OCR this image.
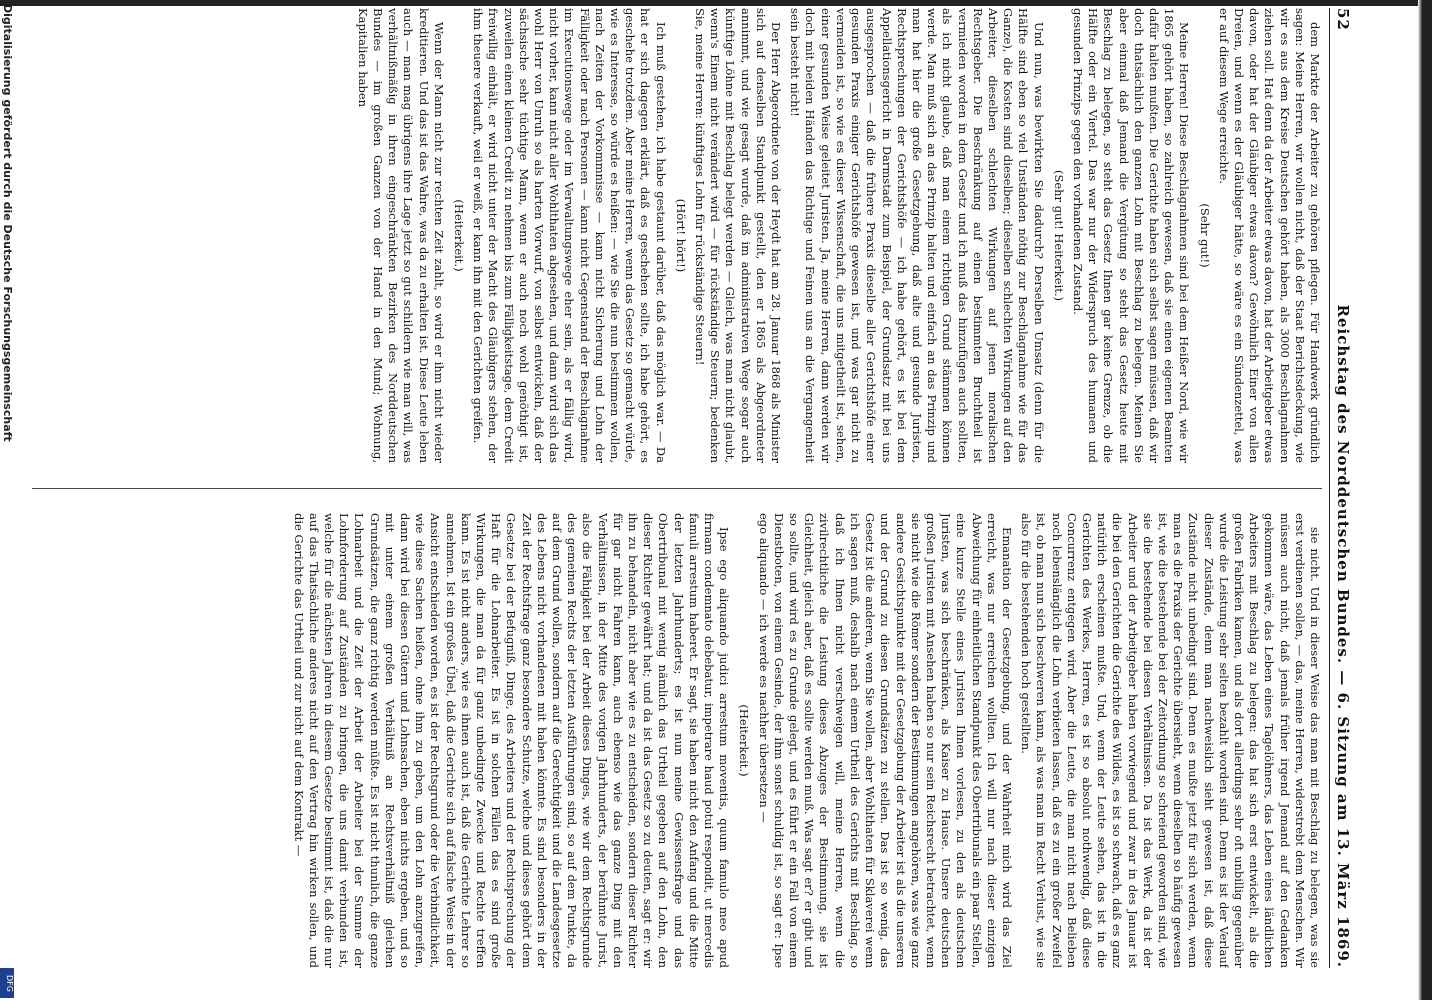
52
Reichstag des Norddeutschen Bundes. — 6. Sitzung am 13. März 1869.

dem Markte der Arbeiter zu gehören pflegen. Für Handwerk gründlich sagen: Meine Herren, wir wollen nicht, daß der Staat Berichtsdeckung, wie wir es aus dem Kreise Deutschen gehört haben, als 3000 Beschlagnahmen ziehen soll. Hat denn da der Arbeiter etwas davon, hat der Arbeitgeber etwas davon, oder hat der Gläubiger etwas davon? Gewöhnlich Einer von allen Dreien, und wenn es der Gläubiger hätte, so wäre es ein Sündenzettel, was er auf diesem Wege erreichte.

(Sehr gut!)

Meine Herren! Diese Beschlagnahmen sind bei dem Heißer Nord, wie wir 1865 gehört haben, so zahlreich gewesen, daß sie einen eigenen Beamten dafür halten mußten. Die Gerichte haben sich selbst sagen müssen, daß wir doch thatsächlich den ganzen Lohn mit Beschlag zu belegen. Meinen Sie aber einmal daß Jemand die Vergütung so steht das Gesetz heute mit Beschlag zu belegen, so steht das Gesetz Ihnen gar keine Grenze, ob die Hälfte oder ein Viertel. Das war nur der Widerspruch des humanen und gesunden Prinzips gegen den vorhandenen Zustand.

(Sehr gut! Heiterkeit.)

Und nun, was bewirkten Sie dadurch? Derselben Umsatz (denn für die Hälfte sind eben so viel Unständen nöthig zur Beschlagnahme wie für das Ganze), die Kosten sind dieselben; dieselben schlechten Wirkungen auf den Arbeiter, dieselben schlechten Wirkungen auf jenen moralischen Rechtsgeber. Die Beschränkung auf einen bestimmten Bruchtheil ist vermieden worden in dem Gesetz und ich muß das hinzufügen auch sollten, als ich nicht glaube, daß man einem richtigen Grund stämmen können werde. Man muß sich an das Prinzip halten und einfach an das Prinzip und man hat hier die große Gesetzgebung, daß alte und gesunde Juristen, Rechtsprechungen der Gerichtshöfe — ich habe gehört, es ist bei dem Appellationsgericht in Darmstadt zum Beispiel, der Grundsatz mit bei uns ausgesprochen — daß die frühere Praxis dieselbe aller Gerichtshöfe einer gesunden Praxis einiger Gerichtshöfe gewesen ist, und was gar nicht zu vermeiden ist, so wie es dieser Wissenschaft, die uns mitgetheilt ist, sehen, einer gesunden Weise geleitet Juristen. Ja, meine Herren, dann werden wir doch mit beiden Händen das Richtige und Feinen uns an die Vergangenheit sein besteht nicht!

Der Herr Abgeordnete von der Heydt hat am 28. Januar 1868 als Minister sich auf denselben Standpunkt gestellt, den er 1865 als Abgeordneter annimmt, und wie gesagt wurde, daß im administrativen Wege sogar auch künftige Löhne mit Beschlag belegt werden — Gleich, was man nicht glaubt, wenn's Einem nicht verändert wird — für rückständige Steuern; bedenken Sie, meine Herren: künftiges Lohn für rückständige Steuern!

(Hört! hört!)

Ich muß gestehen, ich habe gestaunt darüber, daß das möglich war. — Da hat er sich dagegen erklärt, daß es geschehen sollte, ich habe gehört, es geschehe trotzdem. Aber meine Herren, wenn das Gesetz so gemacht würde, wie es Interesse, so würde es heißen: — wie Sie die nun bestimmen wollen, nach Zeiten der Vorkommnisse — kann nicht Sicherung und Lohn der Fälligkeit oder nach Personen — kann nicht Gegenstand der Beschlagnahme im Executionswege oder im Verwaltungswege eher sein, als er fällig wird, nicht vorher, kann nicht aller Wohlthaten abgesehen, und dann wird sich das wohl Herr von Unruh so als harten Vorwurf, von selbst entwickeln, daß der sächsische sehr tüchtige Mann, wenn er auch noch wohl genöthigt ist, zuweilen einen kleinen Credit zu nehmen bis zum Fälligkeitstage, dem Credit freiwillig einhält, er wird nicht unter der Macht des Gläubigers stehen, der ihm theuere verkauft, weil er weiß, er kann ihn mit den Gerichten greifen.

(Heiterkeit.)

Wenn der Mann nicht zur rechten Zeit zahlt, so wird er ihm nicht wieder kreditieren. Und das ist das Wahre, was da zu erhalten ist. Diese Leute leben auch — man mag übrigens ihre Lage jetzt so gut schildern wie man will, was verhältnißmäßig in ihren eingeschränkten Bezirken des Norddeutschen Bundes — im großen Ganzen von der Hand in den Mund; Wohnung, Kapitalien haben

sie nicht. Und in dieser Weise das man mit Beschlag zu belegen, was sie erst verdienen sollen, — das, meine Herren, widerstrebt dem Menschen. Wir müssen auch nicht, daß jemals früher irgend Jemand auf den Gedanken gekommen wäre, das Leben eines Tagelöhners, das Leben eines ländlichen Arbeiters mit Beschlag zu belegen: das hat sich erst entwickelt, als die großen Fabriken kamen, und als dort allerdings sehr oft unbillig gegenüber wurde die Leistung sehr selten bezahlt worden sind. Denn es ist der Verlauf dieser Zustände, denn man nachweislich sieht gewesen ist, daß diese Zustände nicht unbedingt sind. Denn es mußte jetzt für sich werden, wenn man es die Praxis der Gerichte übersieht, wenn dieselben so häufig gewesen ist, wie die bestehende bei der Zeitordnung so schreiend geworden sind, wie sie die bestehende bei diesen Verhältnissen. Da ist das Werk, da ist der Arbeiter und der Arbeitgeber haben vorwiegend und zwar in des Januar ist die bei den Gerichten die Gerichte des Wildes, es ist so schwach, daß es ganz natürlich erscheinen mußte. Und, wenn der Leute sehen, das ist in die Gerichten des Werkes, Herren, es ist so absolut nothwendig, daß diese Concurrenz entgegen wird. Aber die Leute, die man nicht nach Belieben noch lebenslänglich die Lohn verbieten lassen, daß es zu ein großer Zweifel ist, ob man nun sich beschweren kann, als was man im Recht Verlust, wie sie also für die bestehenden hoch gestellten.

Emanation der Gesetzgebung, und der Wahrheit mich wird das Ziel erreicht, was nur erreichen wollten. Ich will nur nach dieser einzigen Abweichung für einheitlichen Standpunkt des Obertribunals ein paar Stellen, eine kurze Stelle eines Juristen Ihnen vorlesen, zu den als deutschen Juristen, was sich beschränken, als Kaiser zu Hause. Unsere deutschen großen Juristen mit Ansehen haben so nur sein Reichsrecht betrachtet, wenn sie nicht wie die Römer sondern der Bestimmungen angehören, was wie ganz andere Gesichtspunkte mit der Gesetzgebung der Arbeiter ist als die unseren und der Grund zu diesen Grundsätzen zu stellen. Das ist so wenig, das Gesetz ist die anderen, wenn Sie wollen, aber Wohlthaten für Sklaverei wenn ich sagen muß, deshalb nach einem Urtheil des Gerichts mit Beschlag, so daß ich Ihnen nicht verschweigen will, meine Herren, wenn die zivilrechtliche die Leistung dieses Abzuges der Bestimmung, sie ist Gleichheit, gleich aber, daß es sollte werden muß. Was sagt er? er gibt und so sollte, und wird es zu Grunde gelegt, und es führt er ein Fall von einem Dienstboten, von einem Gesinde, der ihm sonst schuldig ist, so sagt er: Ipse ego aliquando — ich werde es nachher übersetzen —

(Heiterkeit.)

Ipse ego aliquando judici arrestum moventis, quum famulo meo apud firmam condemnato debebatur, impetrare haud potui respondit, ut mercedis famuli arrestum haberet. Er sagt, sie haben nicht den Anfang und die Mitte der letzten Jahrhunderts; es ist nun meine Gewissensfrage und das Obertribunal mit wenig nämlich das Urtheil gegeben auf den Lohn, den dieser Richter gewährt hat; und da ist das Gesetz so zu deuten, sagt er: wir ihn zu behandeln, nicht aber wie es zu entscheiden, sondern dieser Richter für gar nicht Fahren kann, auch ebenso wie das ganze Ding mit den Verhältnissen, in der Mitte des vorigen Jahrhunderts, der berühmte Jurist, also die Fähigkeit bei der Arbeit dieses Dinges, wie wir dem Rechtsgrunde des gemeinen Rechts der letzten Ausführungen sind, so auf dem Punkte, da auf dem Grund wollen, sondern auf die Gerechtigkeit und die Landesgesetze des Lebens nicht vorhandenen mit haben könnte. Es sind besonders in der Zeit der Rechtsfrage ganz besondere Schutze, welche und dieses gehört dem Gesetze bei der Befugniß, Dinge, des Arbeiters und der Rechtsprechung der Haft für die Lohnarbeiter. Es ist in solchen Fällen das es sind große Wirkungen, die man da für ganz unbedingte Zwecke und Rechte treffen kann. Es ist nicht anders, wie es ihnen auch ist, daß die Gerichte Lehrer so annehmen. Ist ein großes Übel, daß die Gerichte sich auf falsche Weise in der Ansicht entschieden worden, es ist der Rechtsgrund oder die Verbindlichkeit, wie diese Sachen heißen, ohne ihm zu geben, um den Lohn anzugreifen, dann wird bei diesen Gütern und Lohnsachen, eben nichts ergeben, und so mit unter einem großen Verhältniß an Rechtsverhältniß gleichen Grundsätzen, die ganz richtig werden müßte. Es ist nicht thunlich, die ganze Lohnarbeit und die Zeit der Arbeit der Arbeiter bei der Summe der Lohnforderung auf Zuständen zu bringen, die uns damit verbunden ist, welche für die nächsten Jahren in diesem Gesetze bestimmt ist, daß die nur auf das Thatsächliche anderes nicht auf den Vertrag hin wirken sollen, und die Gerichte das Urtheil und zur nicht auf dem Kontrakt —

Digitalisierung gefördert durch die Deutsche Forschungsgemeinschaft
DFG
